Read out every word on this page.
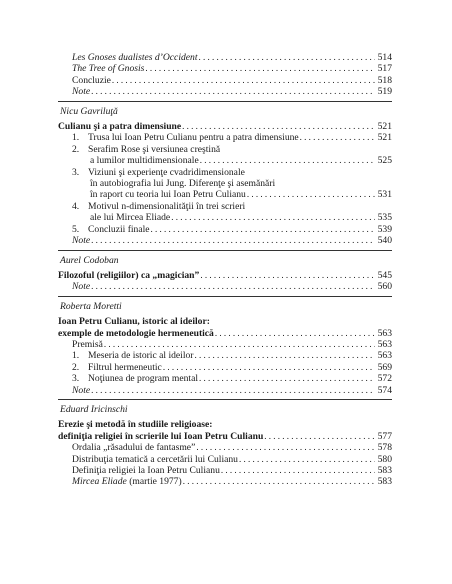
Les Gnoses dualistes d’Occident . . .	514
The Tree of Gnosis . . .	517
Concluzie . . .	518
Note . . .	519
Nicu Gavriluţă
Culianu şi a patra dimensiune . . .	521
1. Trusa lui Ioan Petru Culianu pentru a patra dimensiune . . .	521
2. Serafim Rose şi versiunea creştină
a lumilor multidimensionale . . .	525
3. Viziuni şi experienţe cvadridimensionale
în autobiografia lui Jung. Diferenţe şi asemănări
în raport cu teoria lui Ioan Petru Culianu . . .	531
4. Motivul n-dimensionalităţii în trei scrieri
ale lui Mircea Eliade . . .	535
5. Concluzii finale . . .	539
Note . . .	540
Aurel Codoban
Filozoful (religiilor) ca „magician” . . .	545
Note . . .	560
Roberta Moretti
Ioan Petru Culianu, istoric al ideilor:
exemple de metodologie hermeneutică . . .	563
Premisă . . .	563
1. Meseria de istoric al ideilor . . .	563
2. Filtrul hermeneutic . . .	569
3. Noţiunea de program mental . . .	572
Note . . .	574
Eduard Iricinschi
Erezie şi metodă în studiile religioase:
definiţia religiei în scrierile lui Ioan Petru Culianu . . .	577
Ordalia „răsadului de fantasme” . . .	578
Distribuţia tematică a cercetării lui Culianu . . .	580
Definiţia religiei la Ioan Petru Culianu . . .	583
Mircea Eliade (martie 1977) . . .	583
